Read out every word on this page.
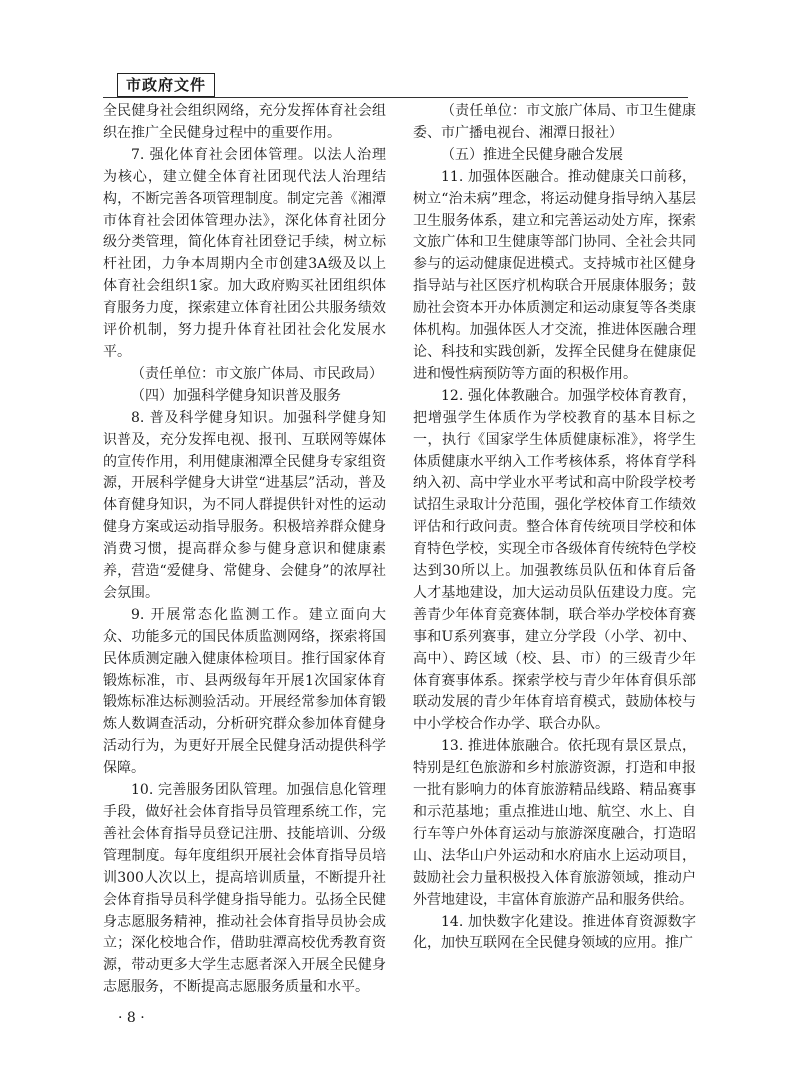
市政府文件

全民健身社会组织网络，充分发挥体育社会组织在推广全民健身过程中的重要作用。

7. 强化体育社会团体管理。以法人治理为核心，建立健全体育社团现代法人治理结构，不断完善各项管理制度。制定完善《湘潭市体育社会团体管理办法》，深化体育社团分级分类管理，简化体育社团登记手续，树立标杆社团，力争本周期内全市创建3A级及以上体育社会组织1家。加大政府购买社团组织体育服务力度，探索建立体育社团公共服务绩效评价机制，努力提升体育社团社会化发展水平。

（责任单位：市文旅广体局、市民政局）

（四）加强科学健身知识普及服务

8. 普及科学健身知识。加强科学健身知识普及，充分发挥电视、报刊、互联网等媒体的宣传作用，利用健康湘潭全民健身专家组资源，开展科学健身大讲堂“进基层”活动，普及体育健身知识，为不同人群提供针对性的运动健身方案或运动指导服务。积极培养群众健身消费习惯，提高群众参与健身意识和健康素养，营造“爱健身、常健身、会健身”的浓厚社会氛围。

9. 开展常态化监测工作。建立面向大众、功能多元的国民体质监测网络，探索将国民体质测定融入健康体检项目。推行国家体育锻炼标准，市、县两级每年开展1次国家体育锻炼标准达标测验活动。开展经常参加体育锻炼人数调查活动，分析研究群众参加体育健身活动行为，为更好开展全民健身活动提供科学保障。

10. 完善服务团队管理。加强信息化管理手段，做好社会体育指导员管理系统工作，完善社会体育指导员登记注册、技能培训、分级管理制度。每年度组织开展社会体育指导员培训300人次以上，提高培训质量，不断提升社会体育指导员科学健身指导能力。弘扬全民健身志愿服务精神，推动社会体育指导员协会成立；深化校地合作，借助驻潭高校优秀教育资源，带动更多大学生志愿者深入开展全民健身志愿服务，不断提高志愿服务质量和水平。

（责任单位：市文旅广体局、市卫生健康委、市广播电视台、湘潭日报社）

（五）推进全民健身融合发展

11. 加强体医融合。推动健康关口前移，树立“治未病”理念，将运动健身指导纳入基层卫生服务体系，建立和完善运动处方库，探索文旅广体和卫生健康等部门协同、全社会共同参与的运动健康促进模式。支持城市社区健身指导站与社区医疗机构联合开展康体服务；鼓励社会资本开办体质测定和运动康复等各类康体机构。加强体医人才交流，推进体医融合理论、科技和实践创新，发挥全民健身在健康促进和慢性病预防等方面的积极作用。

12. 强化体教融合。加强学校体育教育，把增强学生体质作为学校教育的基本目标之一，执行《国家学生体质健康标准》，将学生体质健康水平纳入工作考核体系，将体育学科纳入初、高中学业水平考试和高中阶段学校考试招生录取计分范围，强化学校体育工作绩效评估和行政问责。整合体育传统项目学校和体育特色学校，实现全市各级体育传统特色学校达到30所以上。加强教练员队伍和体育后备人才基地建设，加大运动员队伍建设力度。完善青少年体育竞赛体制，联合举办学校体育赛事和U系列赛事，建立分学段（小学、初中、高中）、跨区域（校、县、市）的三级青少年体育赛事体系。探索学校与青少年体育俱乐部联动发展的青少年体育培育模式，鼓励体校与中小学校合作办学、联合办队。

13. 推进体旅融合。依托现有景区景点，特别是红色旅游和乡村旅游资源，打造和申报一批有影响力的体育旅游精品线路、精品赛事和示范基地；重点推进山地、航空、水上、自行车等户外体育运动与旅游深度融合，打造昭山、法华山户外运动和水府庙水上运动项目，鼓励社会力量积极投入体育旅游领域，推动户外营地建设，丰富体育旅游产品和服务供给。

14. 加快数字化建设。推进体育资源数字化，加快互联网在全民健身领域的应用。推广

· 8 ·
